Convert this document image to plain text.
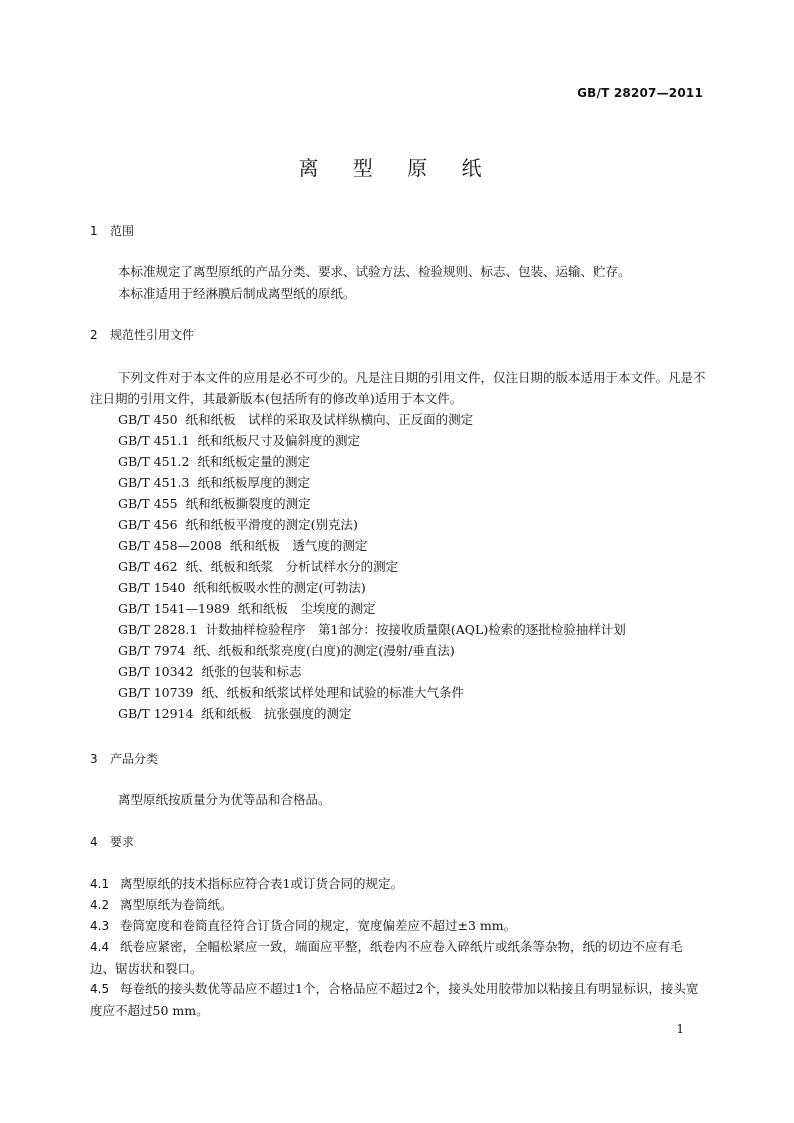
GB/T 28207—2011
离 型 原 纸
1 范围
本标准规定了离型原纸的产品分类、要求、试验方法、检验规则、标志、包装、运输、贮存。
本标准适用于经淋膜后制成离型纸的原纸。
2 规范性引用文件
下列文件对于本文件的应用是必不可少的。凡是注日期的引用文件，仅注日期的版本适用于本文件。凡是不注日期的引用文件，其最新版本(包括所有的修改单)适用于本文件。
GB/T 450 纸和纸板　试样的采取及试样纵横向、正反面的测定
GB/T 451.1 纸和纸板尺寸及偏斜度的测定
GB/T 451.2 纸和纸板定量的测定
GB/T 451.3 纸和纸板厚度的测定
GB/T 455 纸和纸板撕裂度的测定
GB/T 456 纸和纸板平滑度的测定(别克法)
GB/T 458—2008 纸和纸板　透气度的测定
GB/T 462 纸、纸板和纸浆　分析试样水分的测定
GB/T 1540 纸和纸板吸水性的测定(可勃法)
GB/T 1541—1989 纸和纸板　尘埃度的测定
GB/T 2828.1 计数抽样检验程序　第1部分：按接收质量限(AQL)检索的逐批检验抽样计划
GB/T 7974 纸、纸板和纸浆亮度(白度)的测定(漫射/垂直法)
GB/T 10342 纸张的包装和标志
GB/T 10739 纸、纸板和纸浆试样处理和试验的标准大气条件
GB/T 12914 纸和纸板　抗张强度的测定
3 产品分类
离型原纸按质量分为优等品和合格品。
4 要求
4.1 离型原纸的技术指标应符合表1或订货合同的规定。
4.2 离型原纸为卷筒纸。
4.3 卷筒宽度和卷筒直径符合订货合同的规定，宽度偏差应不超过±3 mm。
4.4 纸卷应紧密，全幅松紧应一致，端面应平整，纸卷内不应卷入碎纸片或纸条等杂物，纸的切边不应有毛边、锯齿状和裂口。
4.5 每卷纸的接头数优等品应不超过1个，合格品应不超过2个，接头处用胶带加以粘接且有明显标识，接头宽度应不超过50 mm。
1
